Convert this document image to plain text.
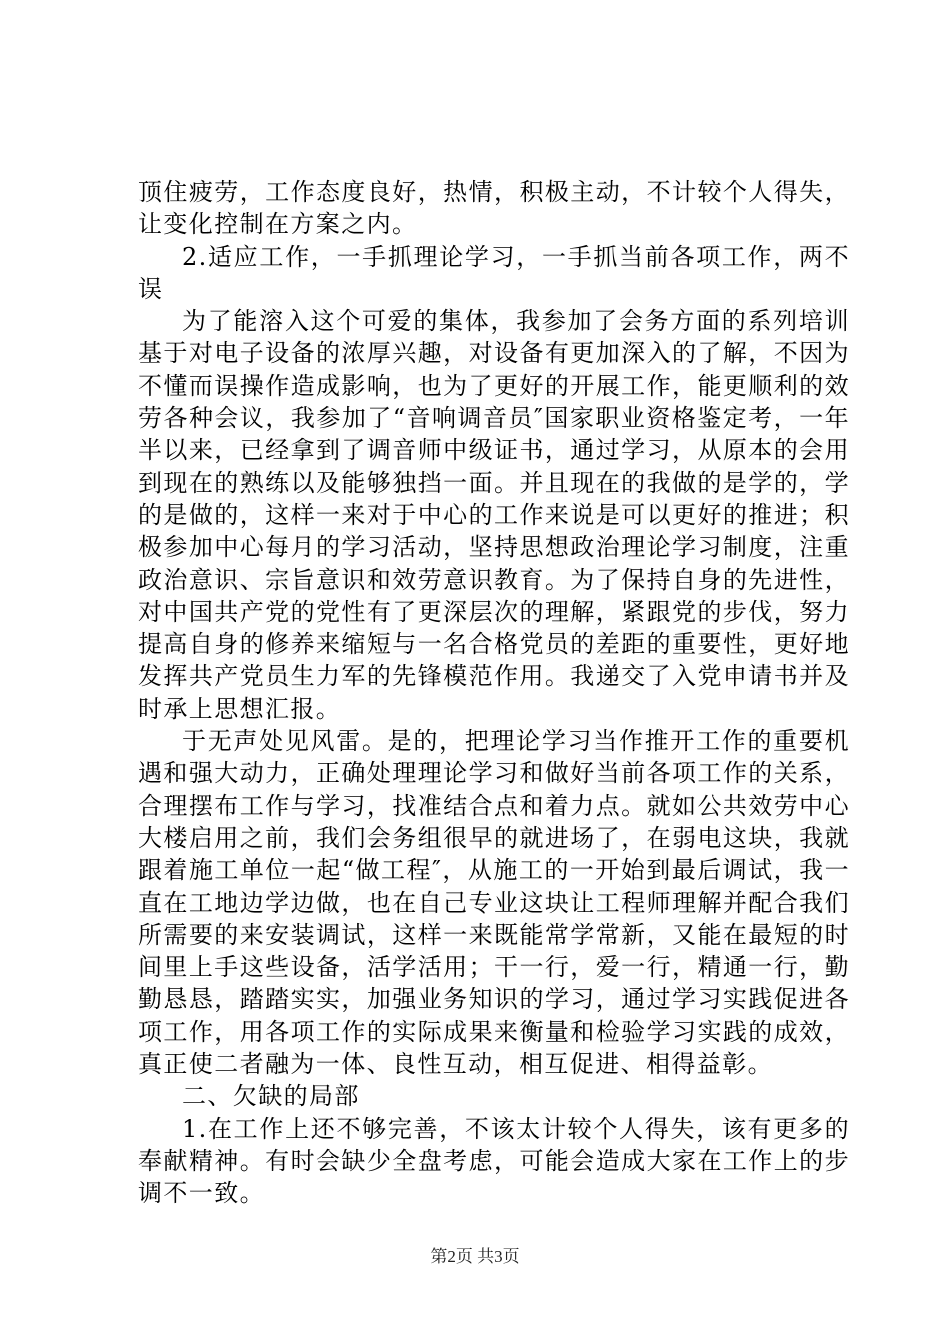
顶住疲劳，工作态度良好，热情，积极主动，不计较个人得失，让变化控制在方案之内。

2.适应工作，一手抓理论学习，一手抓当前各项工作，两不误

为了能溶入这个可爱的集体，我参加了会务方面的系列培训基于对电子设备的浓厚兴趣，对设备有更加深入的了解，不因为不懂而误操作造成影响，也为了更好的开展工作，能更顺利的效劳各种会议，我参加了“音响调音员″国家职业资格鉴定考，一年半以来，已经拿到了调音师中级证书，通过学习，从原本的会用到现在的熟练以及能够独挡一面。并且现在的我做的是学的，学的是做的，这样一来对于中心的工作来说是可以更好的推进；积极参加中心每月的学习活动，坚持思想政治理论学习制度，注重政治意识、宗旨意识和效劳意识教育。为了保持自身的先进性，对中国共产党的党性有了更深层次的理解，紧跟党的步伐，努力提高自身的修养来缩短与一名合格党员的差距的重要性，更好地发挥共产党员生力军的先锋模范作用。我递交了入党申请书并及时承上思想汇报。

于无声处见风雷。是的，把理论学习当作推开工作的重要机遇和强大动力，正确处理理论学习和做好当前各项工作的关系，合理摆布工作与学习，找准结合点和着力点。就如公共效劳中心大楼启用之前，我们会务组很早的就进场了，在弱电这块，我就跟着施工单位一起“做工程″，从施工的一开始到最后调试，我一直在工地边学边做，也在自己专业这块让工程师理解并配合我们所需要的来安装调试，这样一来既能常学常新，又能在最短的时间里上手这些设备，活学活用；干一行，爱一行，精通一行，勤勤恳恳，踏踏实实，加强业务知识的学习，通过学习实践促进各项工作，用各项工作的实际成果来衡量和检验学习实践的成效，真正使二者融为一体、良性互动，相互促进、相得益彰。

二、欠缺的局部

1.在工作上还不够完善，不该太计较个人得失，该有更多的奉献精神。有时会缺少全盘考虑，可能会造成大家在工作上的步调不一致。

第2页 共3页
